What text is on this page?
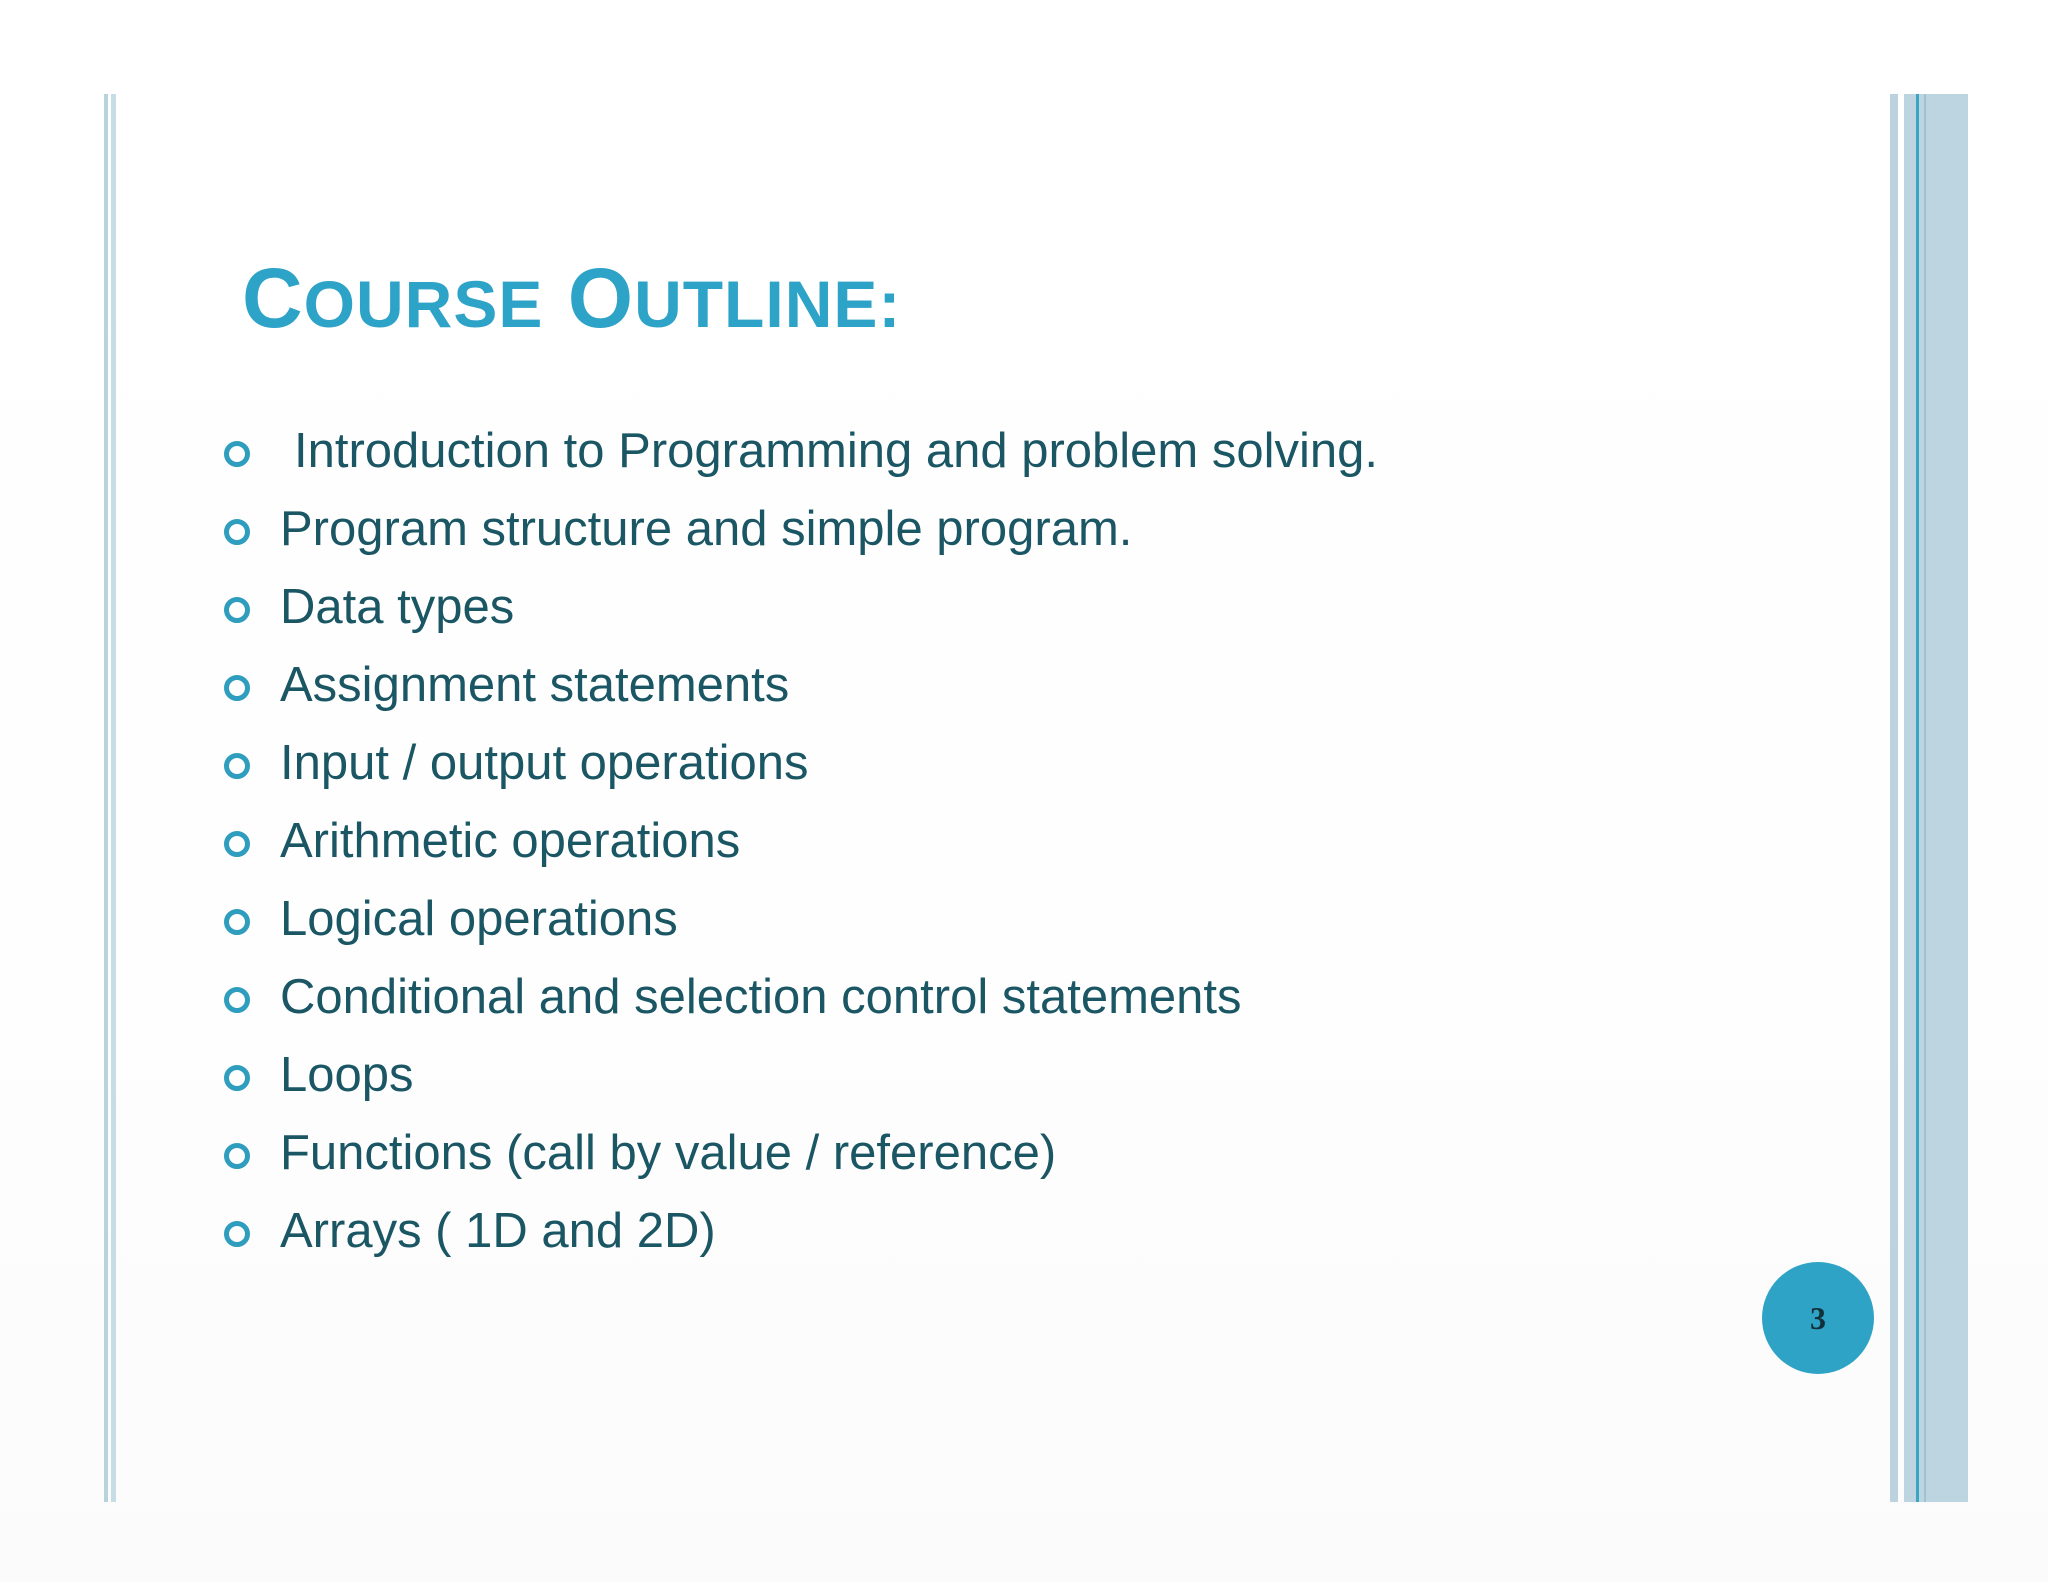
COURSE OUTLINE:
Introduction to Programming and problem solving.
Program structure and simple program.
Data types
Assignment statements
Input / output operations
Arithmetic operations
Logical operations
Conditional and selection control statements
Loops
Functions (call by value / reference)
Arrays ( 1D and 2D)
3
